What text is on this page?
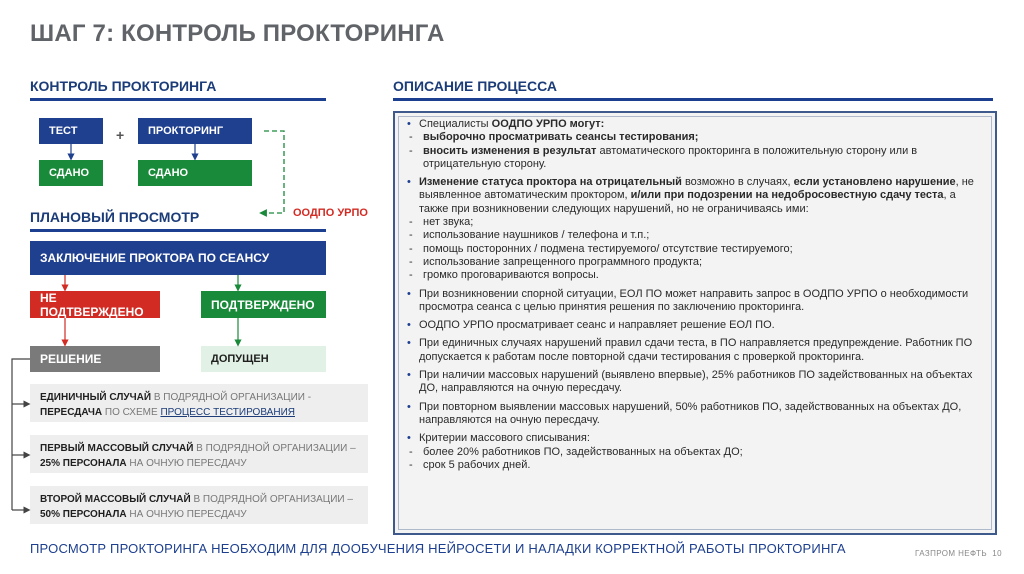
ШАГ 7: КОНТРОЛЬ ПРОКТОРИНГА
КОНТРОЛЬ ПРОКТОРИНГА
ТЕСТ	+	ПРОКТОРИНГ
СДАНО	СДАНО
ООДПО УРПО
ПЛАНОВЫЙ ПРОСМОТР
ЗАКЛЮЧЕНИЕ ПРОКТОРА ПО СЕАНСУ
НЕ ПОДТВЕРЖДЕНО	ПОДТВЕРЖДЕНО
РЕШЕНИЕ	ДОПУЩЕН
ЕДИНИЧНЫЙ СЛУЧАЙ В ПОДРЯДНОЙ ОРГАНИЗАЦИИ -
ПЕРЕСДАЧА ПО СХЕМЕ ПРОЦЕСС ТЕСТИРОВАНИЯ
ПЕРВЫЙ МАССОВЫЙ СЛУЧАЙ В ПОДРЯДНОЙ ОРГАНИЗАЦИИ –
25% ПЕРСОНАЛА НА ОЧНУЮ ПЕРЕСДАЧУ
ВТОРОЙ МАССОВЫЙ СЛУЧАЙ В ПОДРЯДНОЙ ОРГАНИЗАЦИИ –
50% ПЕРСОНАЛА НА ОЧНУЮ ПЕРЕСДАЧУ
ОПИСАНИЕ ПРОЦЕССА
• Специалисты ООДПО УРПО могут:
- выборочно просматривать сеансы тестирования;
- вносить изменения в результат автоматического прокторинга в положительную сторону или в отрицательную сторону.
• Изменение статуса проктора на отрицательный возможно в случаях, если установлено нарушение, не выявленное автоматическим проктором, и/или при подозрении на недобросовестную сдачу теста, а также при возникновении следующих нарушений, но не ограничиваясь ими:
- нет звука;
- использование наушников / телефона и т.п.;
- помощь посторонних / подмена тестируемого/ отсутствие тестируемого;
- использование запрещенного программного продукта;
- громко проговариваются вопросы.
• При возникновении спорной ситуации, ЕОЛ ПО может направить запрос в ООДПО УРПО о необходимости просмотра сеанса с целью принятия решения по заключению прокторинга.
• ООДПО УРПО просматривает сеанс и направляет решение ЕОЛ ПО.
• При единичных случаях нарушений правил сдачи теста, в ПО направляется предупреждение. Работник ПО допускается к работам после повторной сдачи тестирования с проверкой прокторинга.
• При наличии массовых нарушений (выявлено впервые), 25% работников ПО задействованных на объектах ДО, направляются на очную пересдачу.
• При повторном выявлении массовых нарушений, 50% работников ПО, задействованных на объектах ДО, направляются на очную пересдачу.
• Критерии массового списывания:
- более 20% работников ПО, задействованных на объектах ДО;
- срок 5 рабочих дней.
ПРОСМОТР ПРОКТОРИНГА НЕОБХОДИМ ДЛЯ ДООБУЧЕНИЯ НЕЙРОСЕТИ И НАЛАДКИ КОРРЕКТНОЙ РАБОТЫ ПРОКТОРИНГА	ГАЗПРОМ НЕФТЬ 10
